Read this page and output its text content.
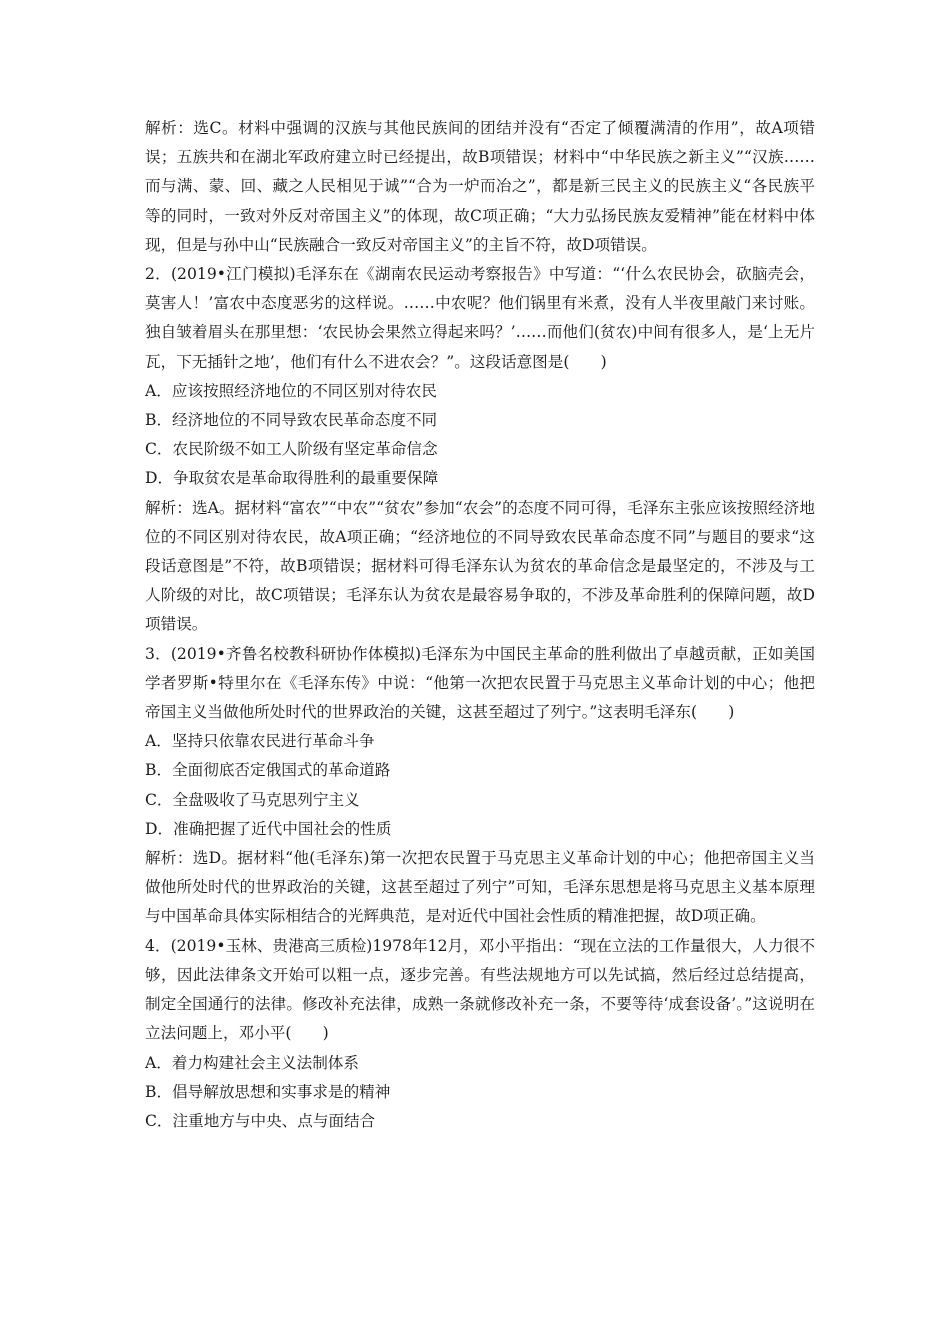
解析：选C。材料中强调的汉族与其他民族间的团结并没有“否定了倾覆满清的作用”，故A项错误；五族共和在湖北军政府建立时已经提出，故B项错误；材料中“中华民族之新主义”“汉族……而与满、蒙、回、藏之人民相见于诚”“合为一炉而冶之”，都是新三民主义的民族主义“各民族平等的同时，一致对外反对帝国主义”的体现，故C项正确；“大力弘扬民族友爱精神”能在材料中体现，但是与孙中山“民族融合一致反对帝国主义”的主旨不符，故D项错误。

2．(2019•江门模拟)毛泽东在《湖南农民运动考察报告》中写道：“‘什么农民协会，砍脑壳会，莫害人！’富农中态度恶劣的这样说。……中农呢？他们锅里有米煮，没有人半夜里敲门来讨账。独自皱着眉头在那里想：‘农民协会果然立得起来吗？’……而他们(贫农)中间有很多人，是‘上无片瓦，下无插针之地’，他们有什么不进农会？”。这段话意图是(　　)

A．应该按照经济地位的不同区别对待农民

B．经济地位的不同导致农民革命态度不同

C．农民阶级不如工人阶级有坚定革命信念

D．争取贫农是革命取得胜利的最重要保障

解析：选A。据材料“富农”“中农”“贫农”参加“农会”的态度不同可得，毛泽东主张应该按照经济地位的不同区别对待农民，故A项正确；“经济地位的不同导致农民革命态度不同”与题目的要求“这段话意图是”不符，故B项错误；据材料可得毛泽东认为贫农的革命信念是最坚定的，不涉及与工人阶级的对比，故C项错误；毛泽东认为贫农是最容易争取的，不涉及革命胜利的保障问题，故D项错误。

3．(2019•齐鲁名校教科研协作体模拟)毛泽东为中国民主革命的胜利做出了卓越贡献，正如美国学者罗斯•特里尔在《毛泽东传》中说：“他第一次把农民置于马克思主义革命计划的中心；他把帝国主义当做他所处时代的世界政治的关键，这甚至超过了列宁。”这表明毛泽东(　　)

A．坚持只依靠农民进行革命斗争

B．全面彻底否定俄国式的革命道路

C．全盘吸收了马克思列宁主义

D．准确把握了近代中国社会的性质

解析：选D。据材料“他(毛泽东)第一次把农民置于马克思主义革命计划的中心；他把帝国主义当做他所处时代的世界政治的关键，这甚至超过了列宁”可知，毛泽东思想是将马克思主义基本原理与中国革命具体实际相结合的光辉典范，是对近代中国社会性质的精准把握，故D项正确。

4．(2019•玉林、贵港高三质检)1978年12月，邓小平指出：“现在立法的工作量很大，人力很不够，因此法律条文开始可以粗一点，逐步完善。有些法规地方可以先试搞，然后经过总结提高，制定全国通行的法律。修改补充法律，成熟一条就修改补充一条，不要等待‘成套设备’。”这说明在立法问题上，邓小平(　　)

A．着力构建社会主义法制体系

B．倡导解放思想和实事求是的精神

C．注重地方与中央、点与面结合
